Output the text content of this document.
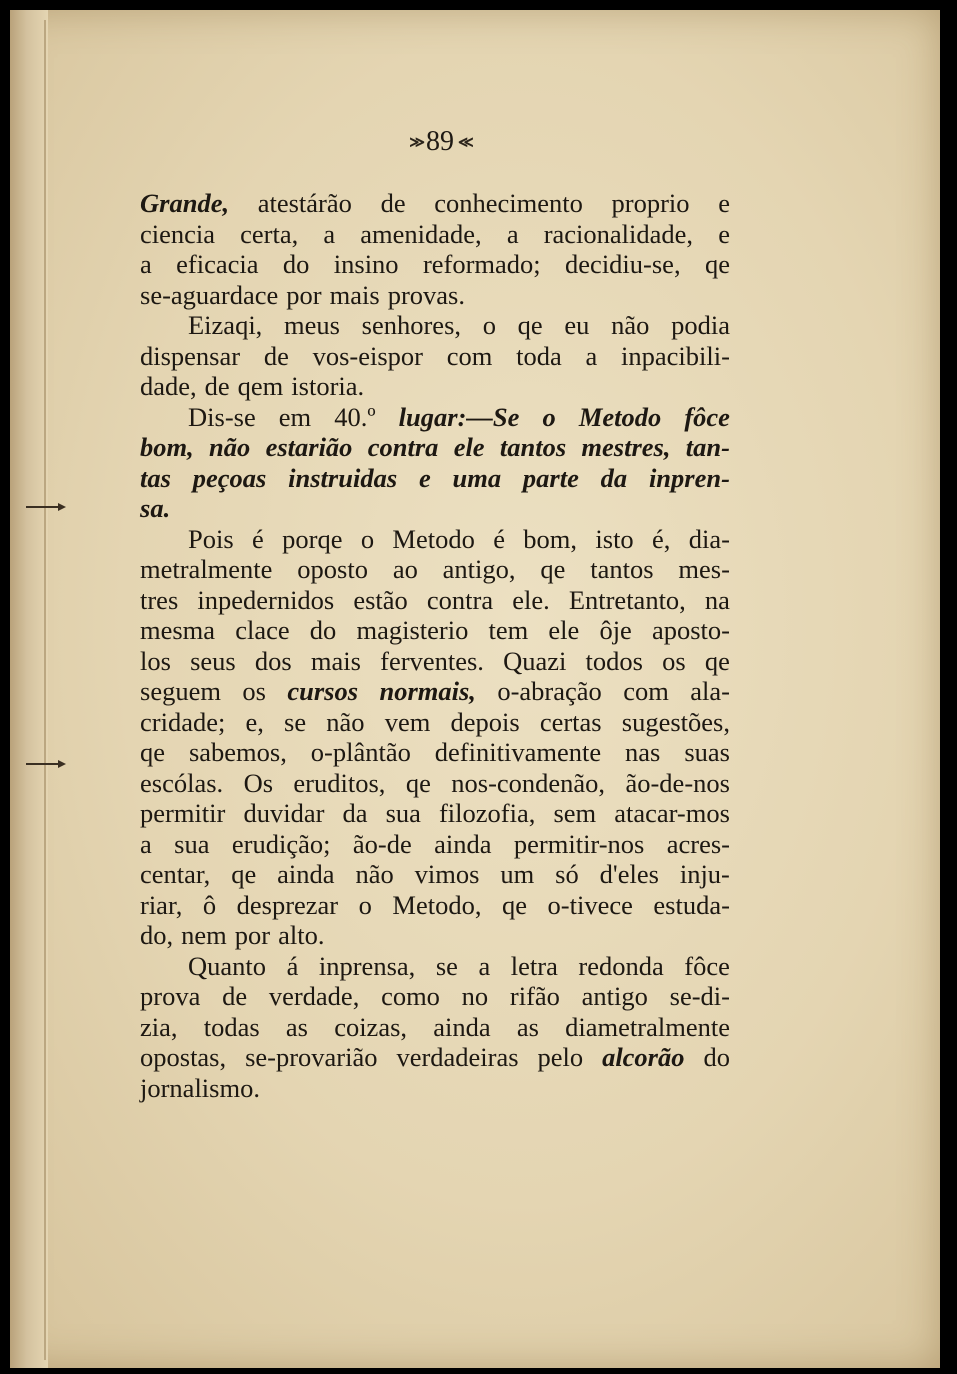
≫ 89 ≪
Grande, atestárão de conhecimento proprio e
ciencia certa, a amenidade, a racionalidade, e
a eficacia do insino reformado; decidiu-se, qe
se-aguardace por mais provas.
Eizaqi, meus senhores, o qe eu não podia
dispensar de vos-eispor com toda a inpacibili-
dade, de qem istoria.
Dis-se em 40.º lugar:—Se o Metodo fôce
bom, não estarião contra ele tantos mestres, tan-
tas peçoas instruidas e uma parte da inpren-
sa.
Pois é porqe o Metodo é bom, isto é, dia-
metralmente oposto ao antigo, qe tantos mes-
tres inpedernidos estão contra ele. Entretanto, na
mesma clace do magisterio tem ele ôje aposto-
los seus dos mais ferventes. Quazi todos os qe
seguem os cursos normais, o-abração com ala-
cridade; e, se não vem depois certas sugestões,
qe sabemos, o-plântão definitivamente nas suas
escólas. Os eruditos, qe nos-condenão, ão-de-nos
permitir duvidar da sua filozofia, sem atacar-mos
a sua erudição; ão-de ainda permitir-nos acres-
centar, qe ainda não vimos um só d'eles inju-
riar, ô desprezar o Metodo, qe o-tivece estuda-
do, nem por alto.
Quanto á inprensa, se a letra redonda fôce
prova de verdade, como no rifão antigo se-di-
zia, todas as coizas, ainda as diametralmente
opostas, se-provarião verdadeiras pelo alcorão do
jornalismo.
